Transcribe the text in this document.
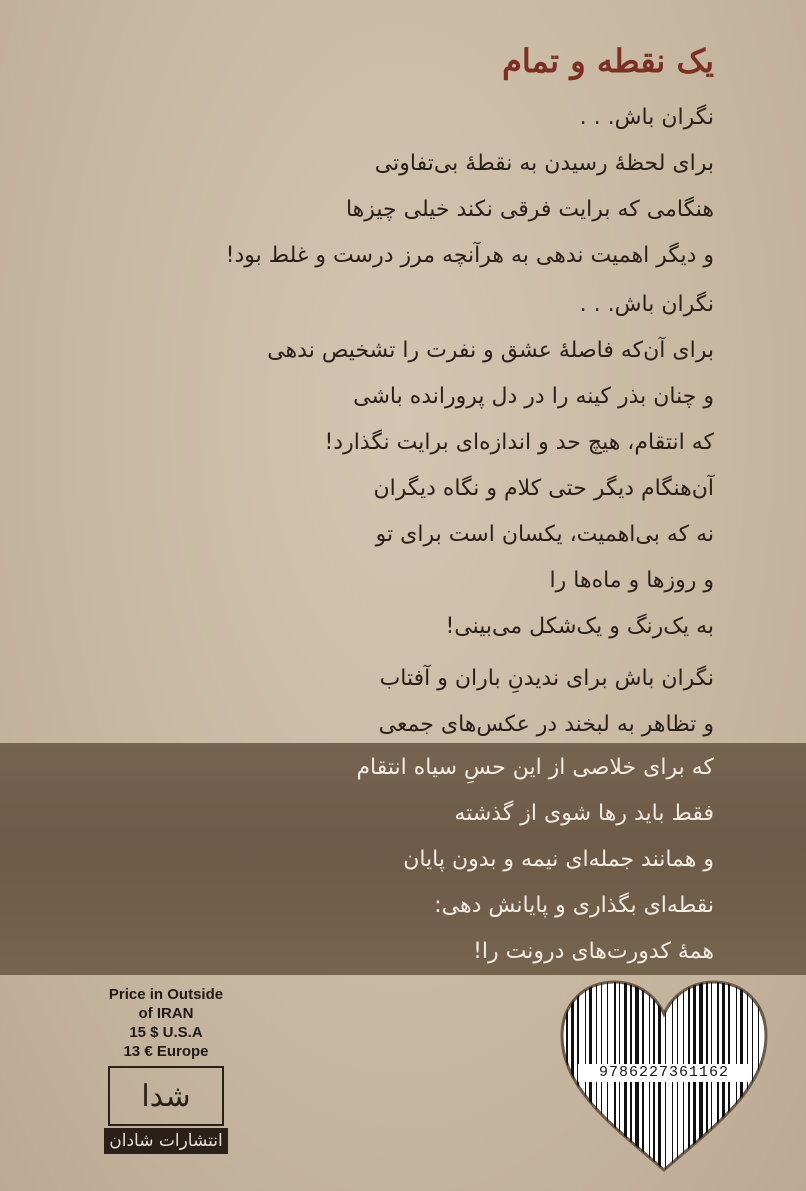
یک نقطه و تمام
نگران باش. . .
برای لحظهٔ رسیدن به نقطهٔ بی‌تفاوتی
هنگامی که برایت فرقی نکند خیلی چیزها
و دیگر اهمیت ندهی به هرآنچه مرز درست و غلط بود!
نگران باش. . .
برای آن‌که فاصلهٔ عشق و نفرت را تشخیص ندهی
و چنان بذر کینه را در دل پرورانده باشی
که انتقام، هیچ حد و اندازه‌ای برایت نگذارد!
آن‌هنگام دیگر حتی کلام و نگاه دیگران
نه که بی‌اهمیت، یکسان است برای تو
و روزها و ماه‌ها را
به یک‌رنگ و یک‌شکل می‌بینی!
نگران باش برای ندیدنِ باران و آفتاب
و تظاهر به لبخند در عکس‌های جمعی
که برای خلاصی از این حسِ سیاه انتقام
فقط باید رها شوی از گذشته
و همانند جمله‌ای نیمه و بدون پایان
نقطه‌ای بگذاری و پایانش دهی:
همهٔ کدورت‌های درونت را!
Price in Outside
of IRAN
15 $ U.S.A
13 € Europe
شدا
انتشارات شادان
9786227361162
